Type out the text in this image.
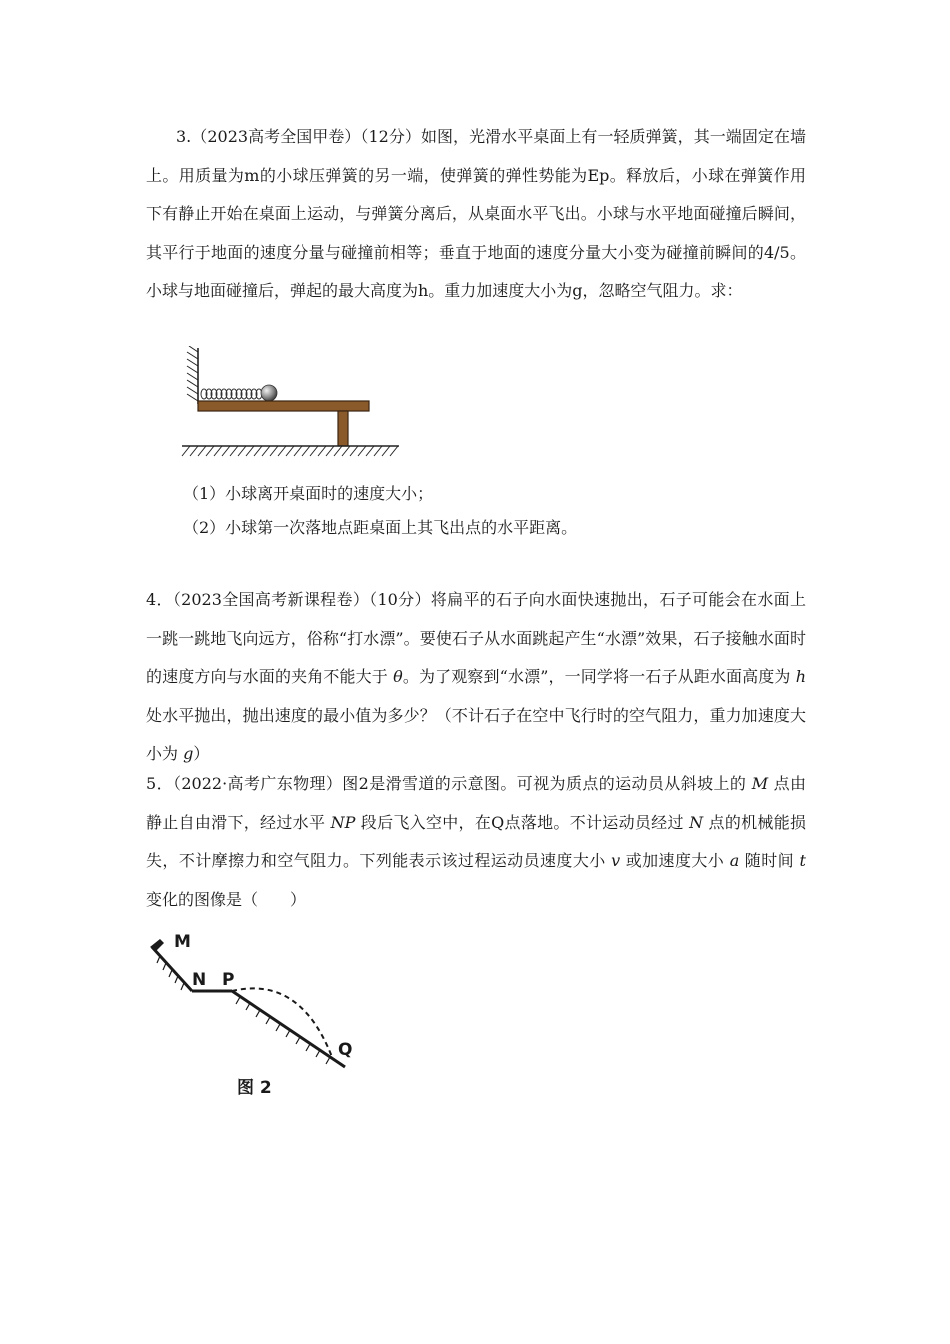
3.（2023高考全国甲卷）（12分）如图，光滑水平桌面上有一轻质弹簧，其一端固定在墙上。用质量为m的小球压弹簧的另一端，使弹簧的弹性势能为Ep。释放后，小球在弹簧作用下有静止开始在桌面上运动，与弹簧分离后，从桌面水平飞出。小球与水平地面碰撞后瞬间，其平行于地面的速度分量与碰撞前相等；垂直于地面的速度分量大小变为碰撞前瞬间的4/5。小球与地面碰撞后，弹起的最大高度为h。重力加速度大小为g，忽略空气阻力。求：

（1）小球离开桌面时的速度大小；
（2）小球第一次落地点距桌面上其飞出点的水平距离。

4．（2023全国高考新课程卷）（10分）将扁平的石子向水面快速抛出，石子可能会在水面上一跳一跳地飞向远方，俗称“打水漂”。要使石子从水面跳起产生“水漂”效果，石子接触水面时的速度方向与水面的夹角不能大于 θ。为了观察到“水漂”，一同学将一石子从距水面高度为 h 处水平抛出，抛出速度的最小值为多少？（不计石子在空中飞行时的空气阻力，重力加速度大小为 g）

5．（2022·高考广东物理）图2是滑雪道的示意图。可视为质点的运动员从斜坡上的 M 点由静止自由滑下，经过水平 NP 段后飞入空中，在Q点落地。不计运动员经过 N 点的机械能损失，不计摩擦力和空气阻力。下列能表示该过程运动员速度大小 v 或加速度大小 a 随时间 t 变化的图像是（　　）

M
N P
Q
图 2
